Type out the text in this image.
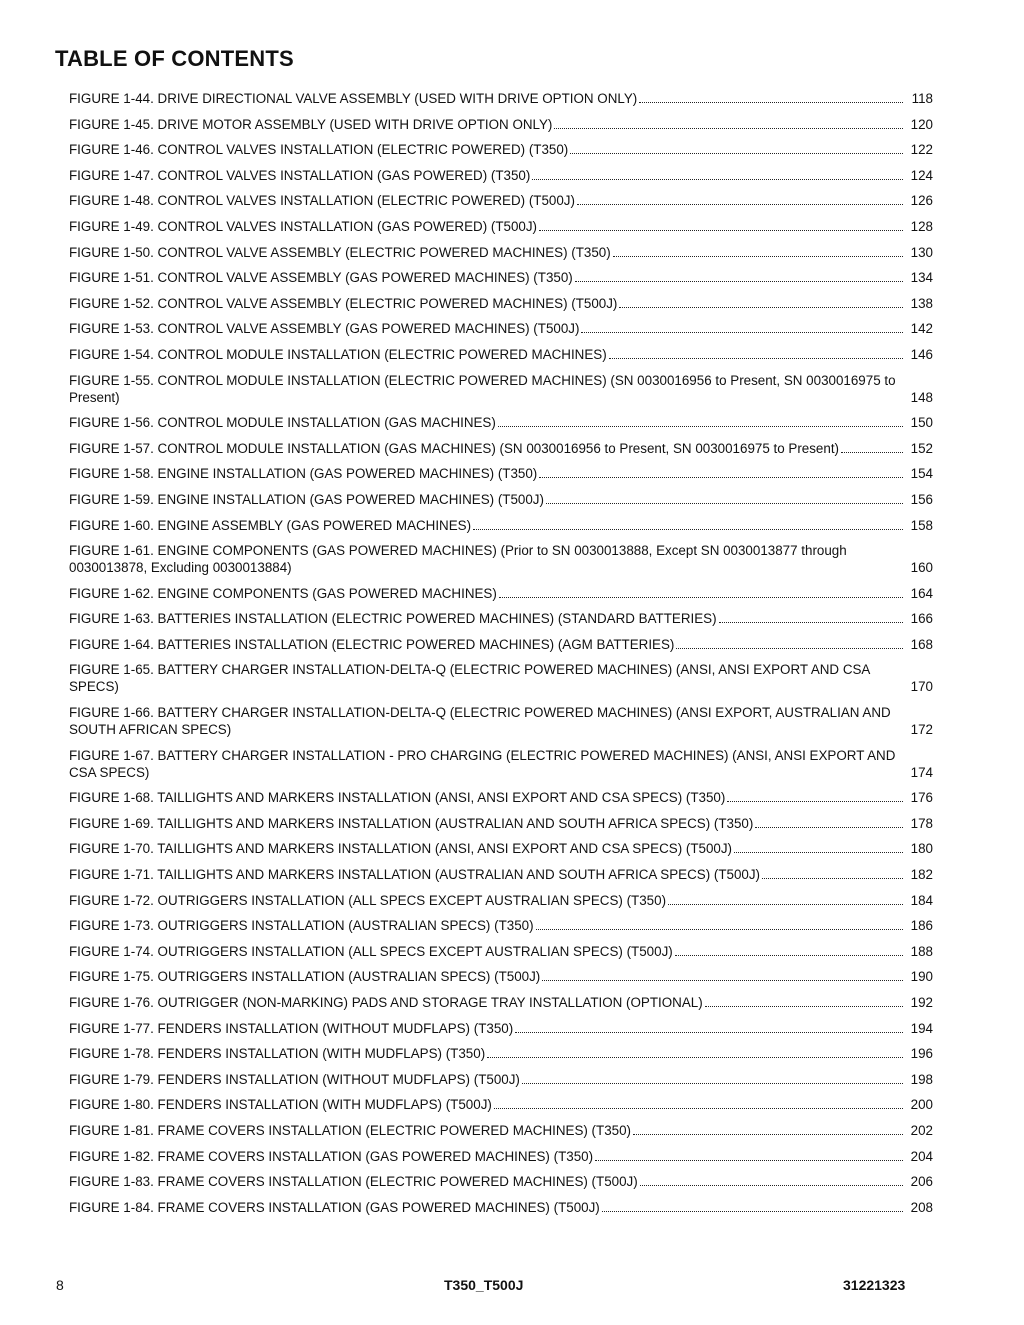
TABLE OF CONTENTS
FIGURE 1-44. DRIVE DIRECTIONAL VALVE ASSEMBLY (USED WITH DRIVE OPTION ONLY)	118
FIGURE 1-45. DRIVE MOTOR ASSEMBLY (USED WITH DRIVE OPTION ONLY)	120
FIGURE 1-46. CONTROL VALVES INSTALLATION (ELECTRIC POWERED) (T350)	122
FIGURE 1-47. CONTROL VALVES INSTALLATION (GAS POWERED) (T350)	124
FIGURE 1-48. CONTROL VALVES INSTALLATION (ELECTRIC POWERED) (T500J)	126
FIGURE 1-49. CONTROL VALVES INSTALLATION (GAS POWERED) (T500J)	128
FIGURE 1-50. CONTROL VALVE ASSEMBLY (ELECTRIC POWERED MACHINES) (T350)	130
FIGURE 1-51. CONTROL VALVE ASSEMBLY (GAS POWERED MACHINES) (T350)	134
FIGURE 1-52. CONTROL VALVE ASSEMBLY (ELECTRIC POWERED MACHINES) (T500J)	138
FIGURE 1-53. CONTROL VALVE ASSEMBLY (GAS POWERED MACHINES) (T500J)	142
FIGURE 1-54. CONTROL MODULE INSTALLATION (ELECTRIC POWERED MACHINES)	146
FIGURE 1-55. CONTROL MODULE INSTALLATION (ELECTRIC POWERED MACHINES) (SN 0030016956 to Present, SN 0030016975 to Present)	148
FIGURE 1-56. CONTROL MODULE INSTALLATION (GAS MACHINES)	150
FIGURE 1-57. CONTROL MODULE INSTALLATION (GAS MACHINES) (SN 0030016956 to Present, SN 0030016975 to Present)	152
FIGURE 1-58. ENGINE INSTALLATION (GAS POWERED MACHINES) (T350)	154
FIGURE 1-59. ENGINE INSTALLATION (GAS POWERED MACHINES) (T500J)	156
FIGURE 1-60. ENGINE ASSEMBLY (GAS POWERED MACHINES)	158
FIGURE 1-61. ENGINE COMPONENTS (GAS POWERED MACHINES) (Prior to SN 0030013888, Except SN 0030013877 through 0030013878, Excluding 0030013884)	160
FIGURE 1-62. ENGINE COMPONENTS (GAS POWERED MACHINES)	164
FIGURE 1-63. BATTERIES INSTALLATION (ELECTRIC POWERED MACHINES) (STANDARD BATTERIES)	166
FIGURE 1-64. BATTERIES INSTALLATION (ELECTRIC POWERED MACHINES) (AGM BATTERIES)	168
FIGURE 1-65. BATTERY CHARGER INSTALLATION-DELTA-Q (ELECTRIC POWERED MACHINES) (ANSI, ANSI EXPORT AND CSA SPECS)	170
FIGURE 1-66. BATTERY CHARGER INSTALLATION-DELTA-Q (ELECTRIC POWERED MACHINES) (ANSI EXPORT, AUSTRALIAN AND SOUTH AFRICAN SPECS)	172
FIGURE 1-67. BATTERY CHARGER INSTALLATION - PRO CHARGING (ELECTRIC POWERED MACHINES) (ANSI, ANSI EXPORT AND CSA SPECS)	174
FIGURE 1-68. TAILLIGHTS AND MARKERS INSTALLATION (ANSI, ANSI EXPORT AND CSA SPECS) (T350)	176
FIGURE 1-69. TAILLIGHTS AND MARKERS INSTALLATION (AUSTRALIAN AND SOUTH AFRICA SPECS) (T350)	178
FIGURE 1-70. TAILLIGHTS AND MARKERS INSTALLATION (ANSI, ANSI EXPORT AND CSA SPECS) (T500J)	180
FIGURE 1-71. TAILLIGHTS AND MARKERS INSTALLATION (AUSTRALIAN AND SOUTH AFRICA SPECS) (T500J)	182
FIGURE 1-72. OUTRIGGERS INSTALLATION (ALL SPECS EXCEPT AUSTRALIAN SPECS) (T350)	184
FIGURE 1-73. OUTRIGGERS INSTALLATION (AUSTRALIAN SPECS) (T350)	186
FIGURE 1-74. OUTRIGGERS INSTALLATION (ALL SPECS EXCEPT AUSTRALIAN SPECS) (T500J)	188
FIGURE 1-75. OUTRIGGERS INSTALLATION (AUSTRALIAN SPECS) (T500J)	190
FIGURE 1-76. OUTRIGGER (NON-MARKING) PADS AND STORAGE TRAY INSTALLATION (OPTIONAL)	192
FIGURE 1-77. FENDERS INSTALLATION (WITHOUT MUDFLAPS) (T350)	194
FIGURE 1-78. FENDERS INSTALLATION (WITH MUDFLAPS) (T350)	196
FIGURE 1-79. FENDERS INSTALLATION (WITHOUT MUDFLAPS) (T500J)	198
FIGURE 1-80. FENDERS INSTALLATION (WITH MUDFLAPS) (T500J)	200
FIGURE 1-81. FRAME COVERS INSTALLATION (ELECTRIC POWERED MACHINES) (T350)	202
FIGURE 1-82. FRAME COVERS INSTALLATION (GAS POWERED MACHINES) (T350)	204
FIGURE 1-83. FRAME COVERS INSTALLATION (ELECTRIC POWERED MACHINES) (T500J)	206
FIGURE 1-84. FRAME COVERS INSTALLATION (GAS POWERED MACHINES) (T500J)	208
8	T350_T500J	31221323
